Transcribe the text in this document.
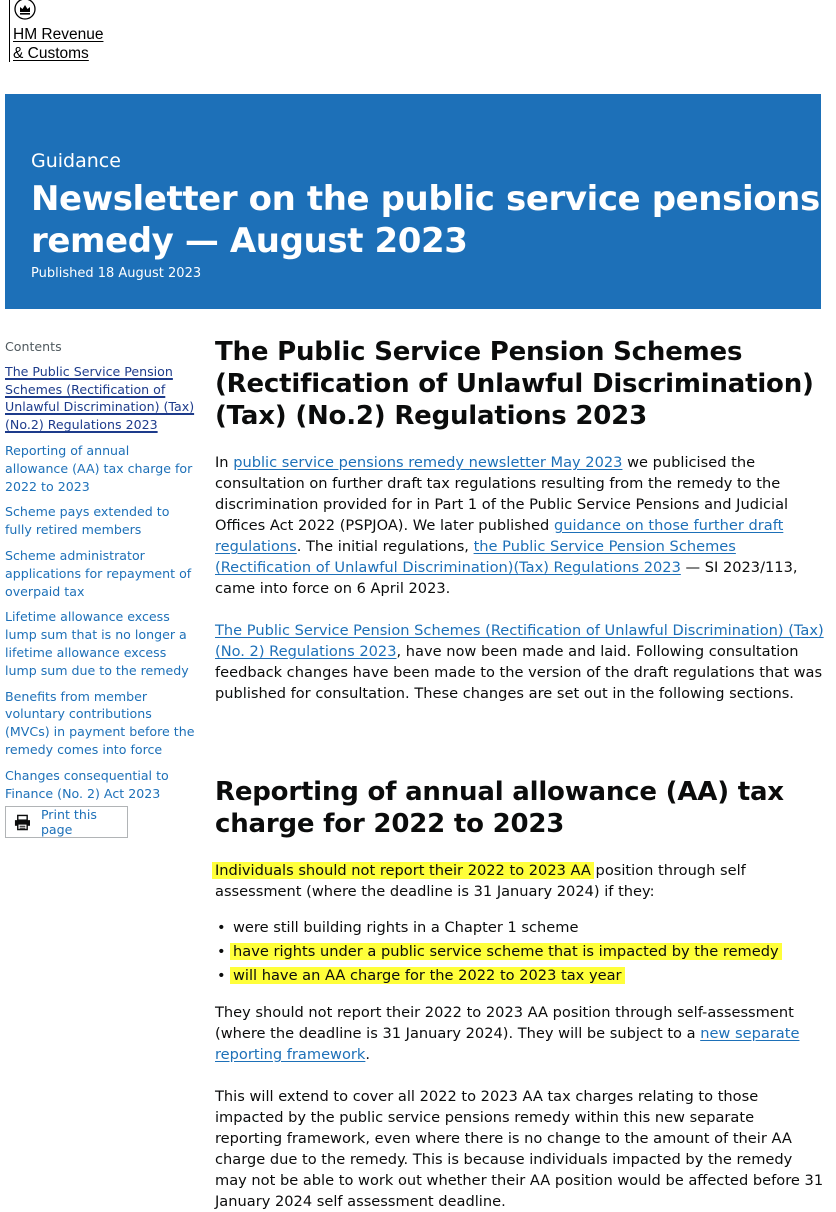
HM Revenue
& Customs
Guidance
Newsletter on the public service pensions remedy — August 2023
Published 18 August 2023
Contents
The Public Service Pension Schemes (Rectification of Unlawful Discrimination) (Tax) (No.2) Regulations 2023
Reporting of annual allowance (AA) tax charge for 2022 to 2023
Scheme pays extended to fully retired members
Scheme administrator applications for repayment of overpaid tax
Lifetime allowance excess lump sum that is no longer a lifetime allowance excess lump sum due to the remedy
Benefits from member voluntary contributions (MVCs) in payment before the remedy comes into force
Changes consequential to Finance (No. 2) Act 2023
Print this page
The Public Service Pension Schemes (Rectification of Unlawful Discrimination) (Tax) (No.2) Regulations 2023

In public service pensions remedy newsletter May 2023 we publicised the consultation on further draft tax regulations resulting from the remedy to the discrimination provided for in Part 1 of the Public Service Pensions and Judicial Offices Act 2022 (PSPJOA). We later published guidance on those further draft regulations. The initial regulations, the Public Service Pension Schemes (Rectification of Unlawful Discrimination)(Tax) Regulations 2023 — SI 2023/113, came into force on 6 April 2023.

The Public Service Pension Schemes (Rectification of Unlawful Discrimination) (Tax) (No. 2) Regulations 2023, have now been made and laid. Following consultation feedback changes have been made to the version of the draft regulations that was published for consultation. These changes are set out in the following sections.

Reporting of annual allowance (AA) tax charge for 2022 to 2023

Individuals should not report their 2022 to 2023 AA position through self assessment (where the deadline is 31 January 2024) if they:

• were still building rights in a Chapter 1 scheme
• have rights under a public service scheme that is impacted by the remedy
• will have an AA charge for the 2022 to 2023 tax year

They should not report their 2022 to 2023 AA position through self-assessment (where the deadline is 31 January 2024). They will be subject to a new separate reporting framework.

This will extend to cover all 2022 to 2023 AA tax charges relating to those impacted by the public service pensions remedy within this new separate reporting framework, even where there is no change to the amount of their AA charge due to the remedy. This is because individuals impacted by the remedy may not be able to work out whether their AA position would be affected before 31 January 2024 self assessment deadline.
